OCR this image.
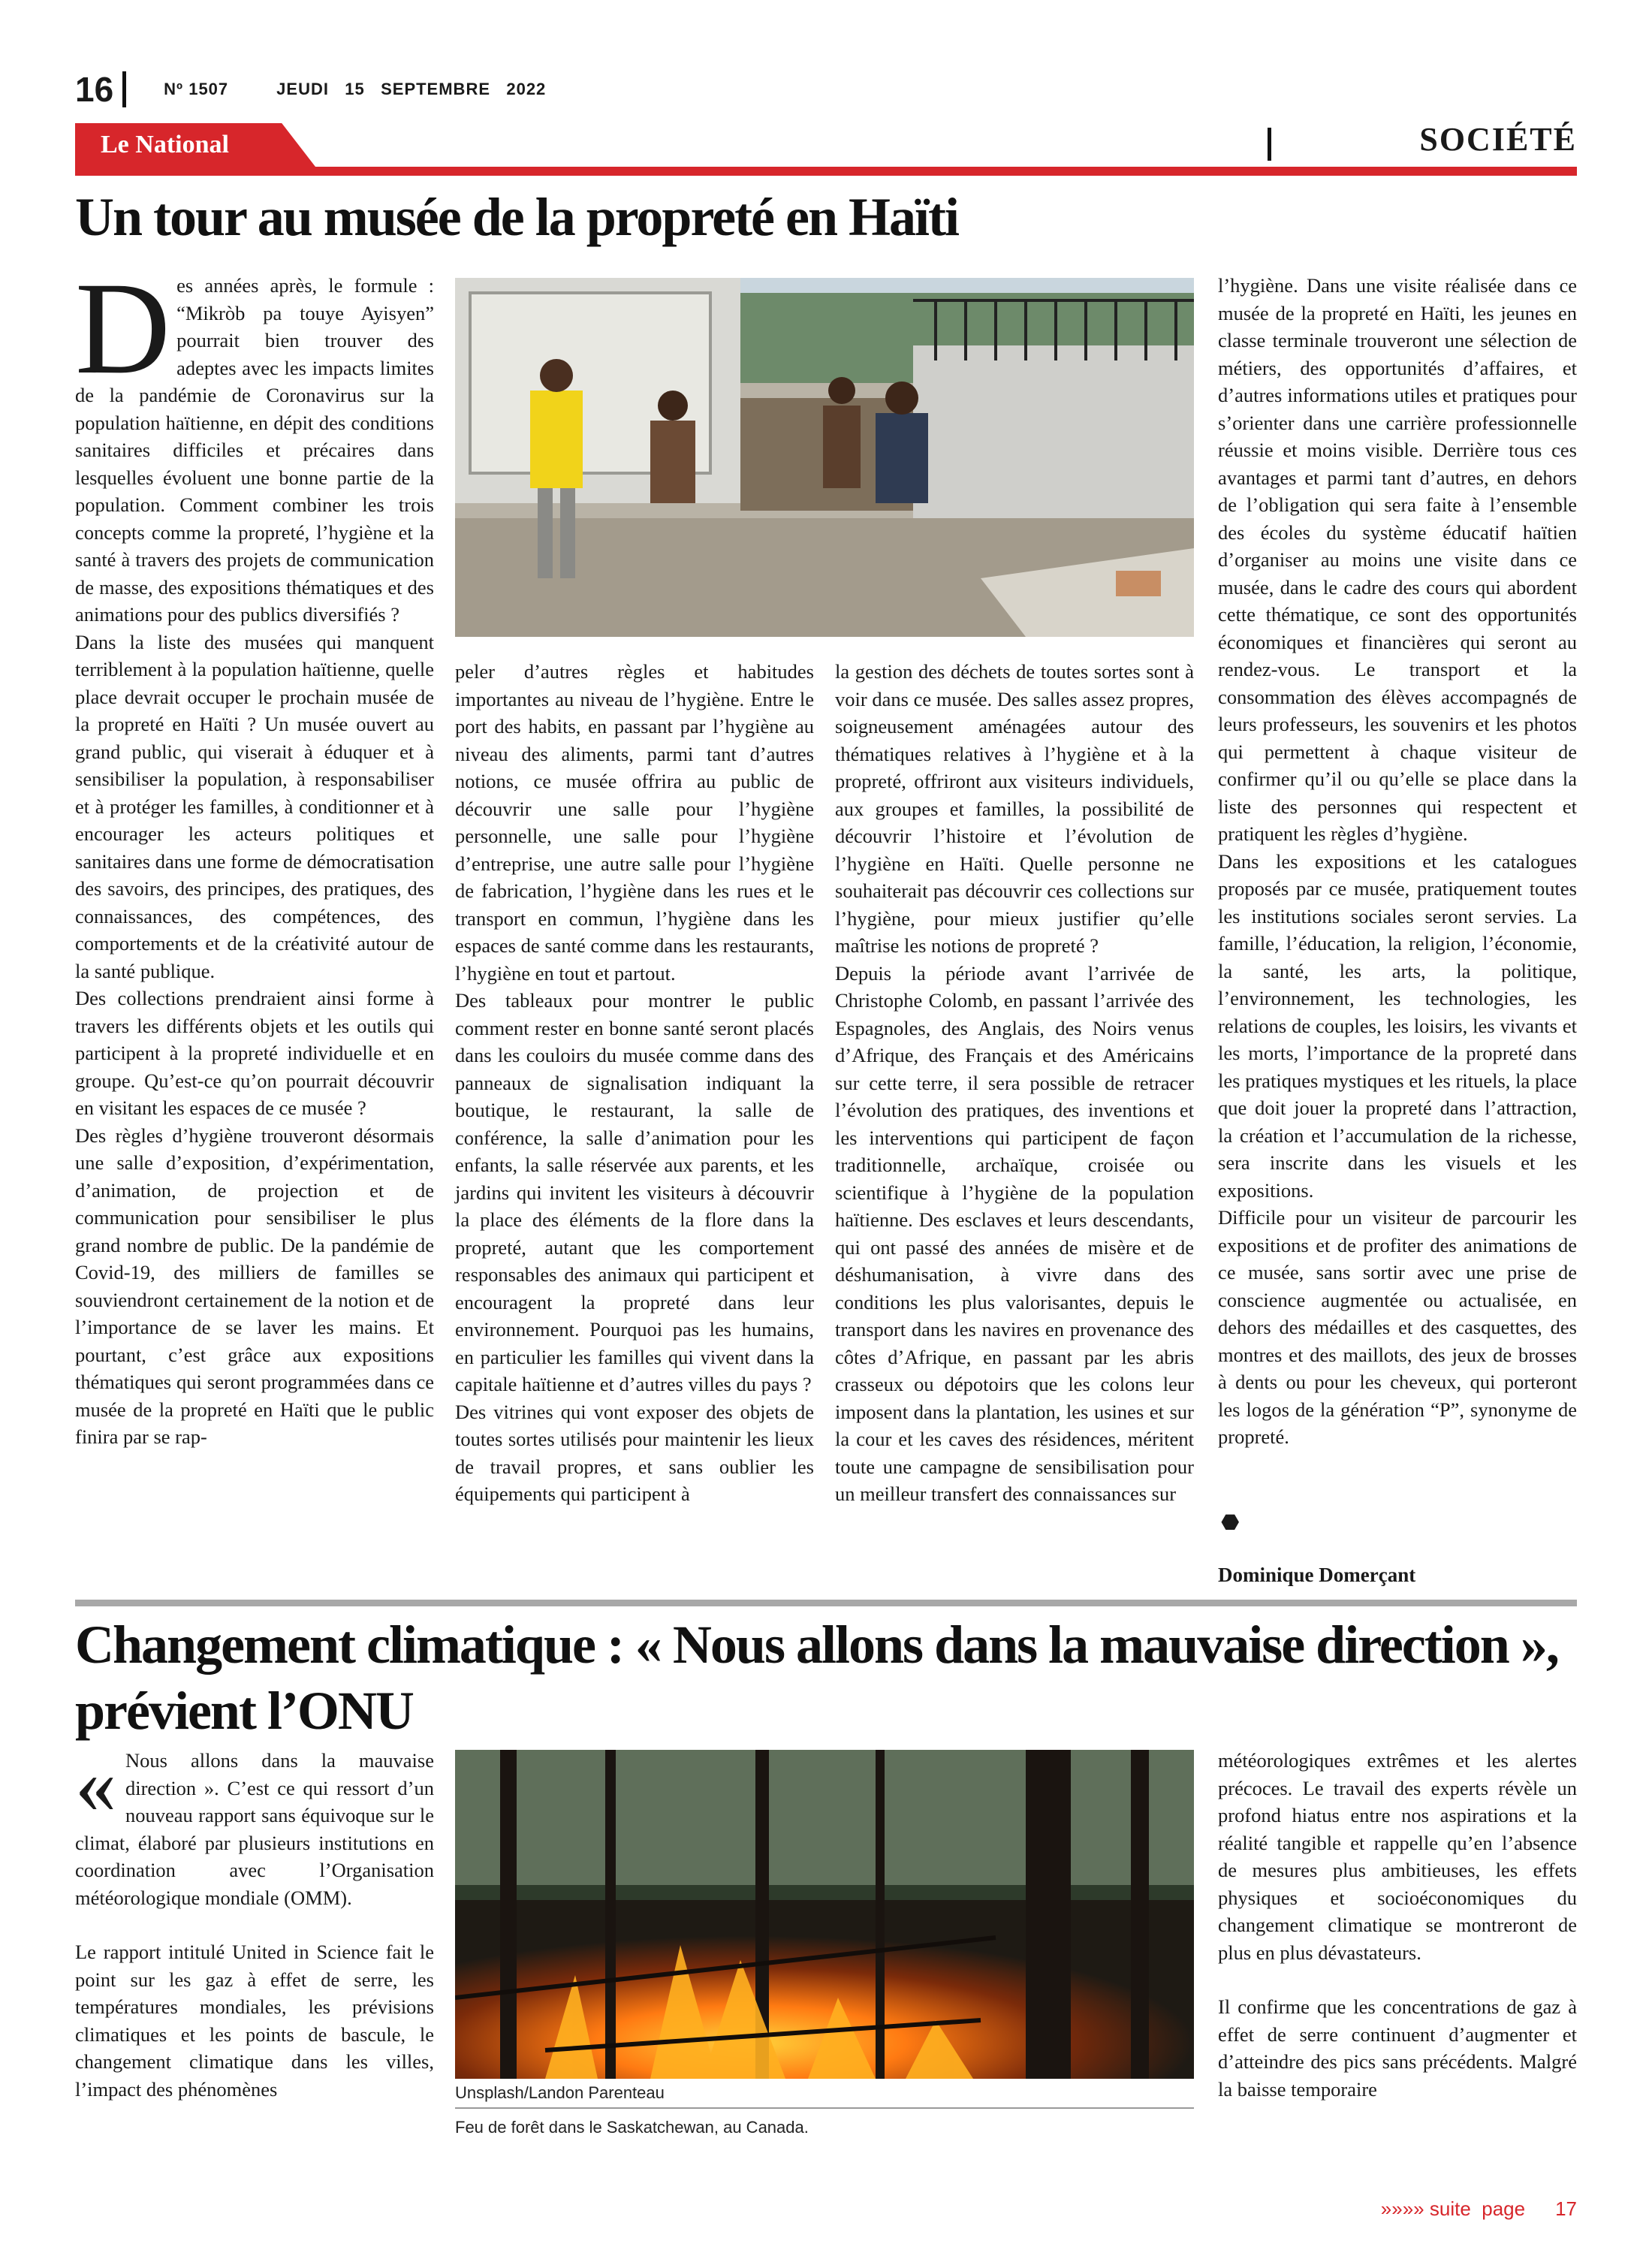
16	Nº 1507	JEUDI   15   SEPTEMBRE   2022
Le National	SOCIÉTÉ
Un tour au musée de la propreté en Haïti
D es années après, le formule : “Mikròb pa touye Ayisyen” pourrait bien trouver des adeptes avec les impacts limites de la pandémie de Coronavirus sur la population haïtienne, en dépit des conditions sanitaires difficiles et précaires dans lesquelles évoluent une bonne partie de la population. Comment combiner les trois concepts comme la propreté, l’hygiène et la santé à travers des projets de communication de masse, des expositions thématiques et des animations pour des publics diversifiés ?

Dans la liste des musées qui manquent terriblement à la population haïtienne, quelle place devrait occuper le prochain musée de la propreté en Haïti ? Un musée ouvert au grand public, qui viserait à éduquer et à sensibiliser la population, à responsabiliser et à protéger les familles, à conditionner et à encourager les acteurs politiques et sanitaires dans une forme de démocratisation des savoirs, des principes, des pratiques, des connaissances, des compétences, des comportements et de la créativité autour de la santé publique.

Des collections prendraient ainsi forme à travers les différents objets et les outils qui participent à la propreté individuelle et en groupe. Qu’est-ce qu’on pourrait découvrir en visitant les espaces de ce musée ?

Des règles d’hygiène trouveront désormais une salle d’exposition, d’expérimentation, d’animation, de projection et de communication pour sensibiliser le plus grand nombre de public. De la pandémie de Covid-19, des milliers de familles se souviendront certainement de la notion et de l’importance de se laver les mains. Et pourtant, c’est grâce aux expositions thématiques qui seront programmées dans ce musée de la propreté en Haïti que le public finira par se rap-

peler d’autres règles et habitudes importantes au niveau de l’hygiène. Entre le port des habits, en passant par l’hygiène au niveau des aliments, parmi tant d’autres notions, ce musée offrira au public de découvrir une salle pour l’hygiène personnelle, une salle pour l’hygiène d’entreprise, une autre salle pour l’hygiène de fabrication, l’hygiène dans les rues et le transport en commun, l’hygiène dans les espaces de santé comme dans les restaurants, l’hygiène en tout et partout.

Des tableaux pour montrer le public comment rester en bonne santé seront placés dans les couloirs du musée comme dans des panneaux de signalisation indiquant la boutique, le restaurant, la salle de conférence, la salle d’animation pour les enfants, la salle réservée aux parents, et les jardins qui invitent les visiteurs à découvrir la place des éléments de la flore dans la propreté, autant que les comportement responsables des animaux qui participent et encouragent la propreté dans leur environnement. Pourquoi pas les humains, en particulier les familles qui vivent dans la capitale haïtienne et d’autres villes du pays ?

Des vitrines qui vont exposer des objets de toutes sortes utilisés pour maintenir les lieux de travail propres, et sans oublier les équipements qui participent à

la gestion des déchets de toutes sortes sont à voir dans ce musée. Des salles assez propres, soigneusement aménagées autour des thématiques relatives à l’hygiène et à la propreté, offriront aux visiteurs individuels, aux groupes et familles, la possibilité de découvrir l’histoire et l’évolution de l’hygiène en Haïti. Quelle personne ne souhaiterait pas découvrir ces collections sur l’hygiène, pour mieux justifier qu’elle maîtrise les notions de propreté ?

Depuis la période avant l’arrivée de Christophe Colomb, en passant l’arrivée des Espagnoles, des Anglais, des Noirs venus d’Afrique, des Français et des Américains sur cette terre, il sera possible de retracer l’évolution des pratiques, des inventions et les interventions qui participent de façon traditionnelle, archaïque, croisée ou scientifique à l’hygiène de la population haïtienne. Des esclaves et leurs descendants, qui ont passé des années de misère et de déshumanisation, à vivre dans des conditions les plus valorisantes, depuis le transport dans les navires en provenance des côtes d’Afrique, en passant par les abris crasseux ou dépotoirs que les colons leur imposent dans la plantation, les usines et sur la cour et les caves des résidences, méritent toute une campagne de sensibilisation pour un meilleur transfert des connaissances sur

l’hygiène. Dans une visite réalisée dans ce musée de la propreté en Haïti, les jeunes en classe terminale trouveront une sélection de métiers, des opportunités d’affaires, et d’autres informations utiles et pratiques pour s’orienter dans une carrière professionnelle réussie et moins visible. Derrière tous ces avantages et parmi tant d’autres, en dehors de l’obligation qui sera faite à l’ensemble des écoles du système éducatif haïtien d’organiser au moins une visite dans ce musée, dans le cadre des cours qui abordent cette thématique, ce sont des opportunités économiques et financières qui seront au rendez-vous. Le transport et la consommation des élèves accompagnés de leurs professeurs, les souvenirs et les photos qui permettent à chaque visiteur de confirmer qu’il ou qu’elle se place dans la liste des personnes qui respectent et pratiquent les règles d’hygiène.

Dans les expositions et les catalogues proposés par ce musée, pratiquement toutes les institutions sociales seront servies. La famille, l’éducation, la religion, l’économie, la santé, les arts, la politique, l’environnement, les technologies, les relations de couples, les loisirs, les vivants et les morts, l’importance de la propreté dans les pratiques mystiques et les rituels, la place que doit jouer la propreté dans l’attraction, la création et l’accumulation de la richesse, sera inscrite dans les visuels et les expositions.

Difficile pour un visiteur de parcourir les expositions et de profiter des animations de ce musée, sans sortir avec une prise de conscience augmentée ou actualisée, en dehors des médailles et des casquettes, des montres et des maillots, des jeux de brosses à dents ou pour les cheveux, qui porteront les logos de la génération “P”, synonyme de propreté.

⬣
Dominique Domerçant
Changement climatique : « Nous allons dans la mauvaise direction », prévient l’ONU
« Nous allons dans la mauvaise direction ». C’est ce qui ressort d’un nouveau rapport sans équivoque sur le climat, élaboré par plusieurs institutions en coordination avec l’Organisation météorologique mondiale (OMM).

Le rapport intitulé United in Science fait le point sur les gaz à effet de serre, les températures mondiales, les prévisions climatiques et les points de bascule, le changement climatique dans les villes, l’impact des phénomènes	Unsplash/Landon Parenteau
Feu de forêt dans le Saskatchewan, au Canada.

météorologiques extrêmes et les alertes précoces. Le travail des experts révèle un profond hiatus entre nos aspirations et la réalité tangible et rappelle qu’en l’absence de mesures plus ambitieuses, les effets physiques et socioéconomiques du changement climatique se montreront de plus en plus dévastateurs.

Il confirme que les concentrations de gaz à effet de serre continuent d’augmenter et d’atteindre des pics sans précédents. Malgré la baisse temporaire

»»»» suite  page 17
